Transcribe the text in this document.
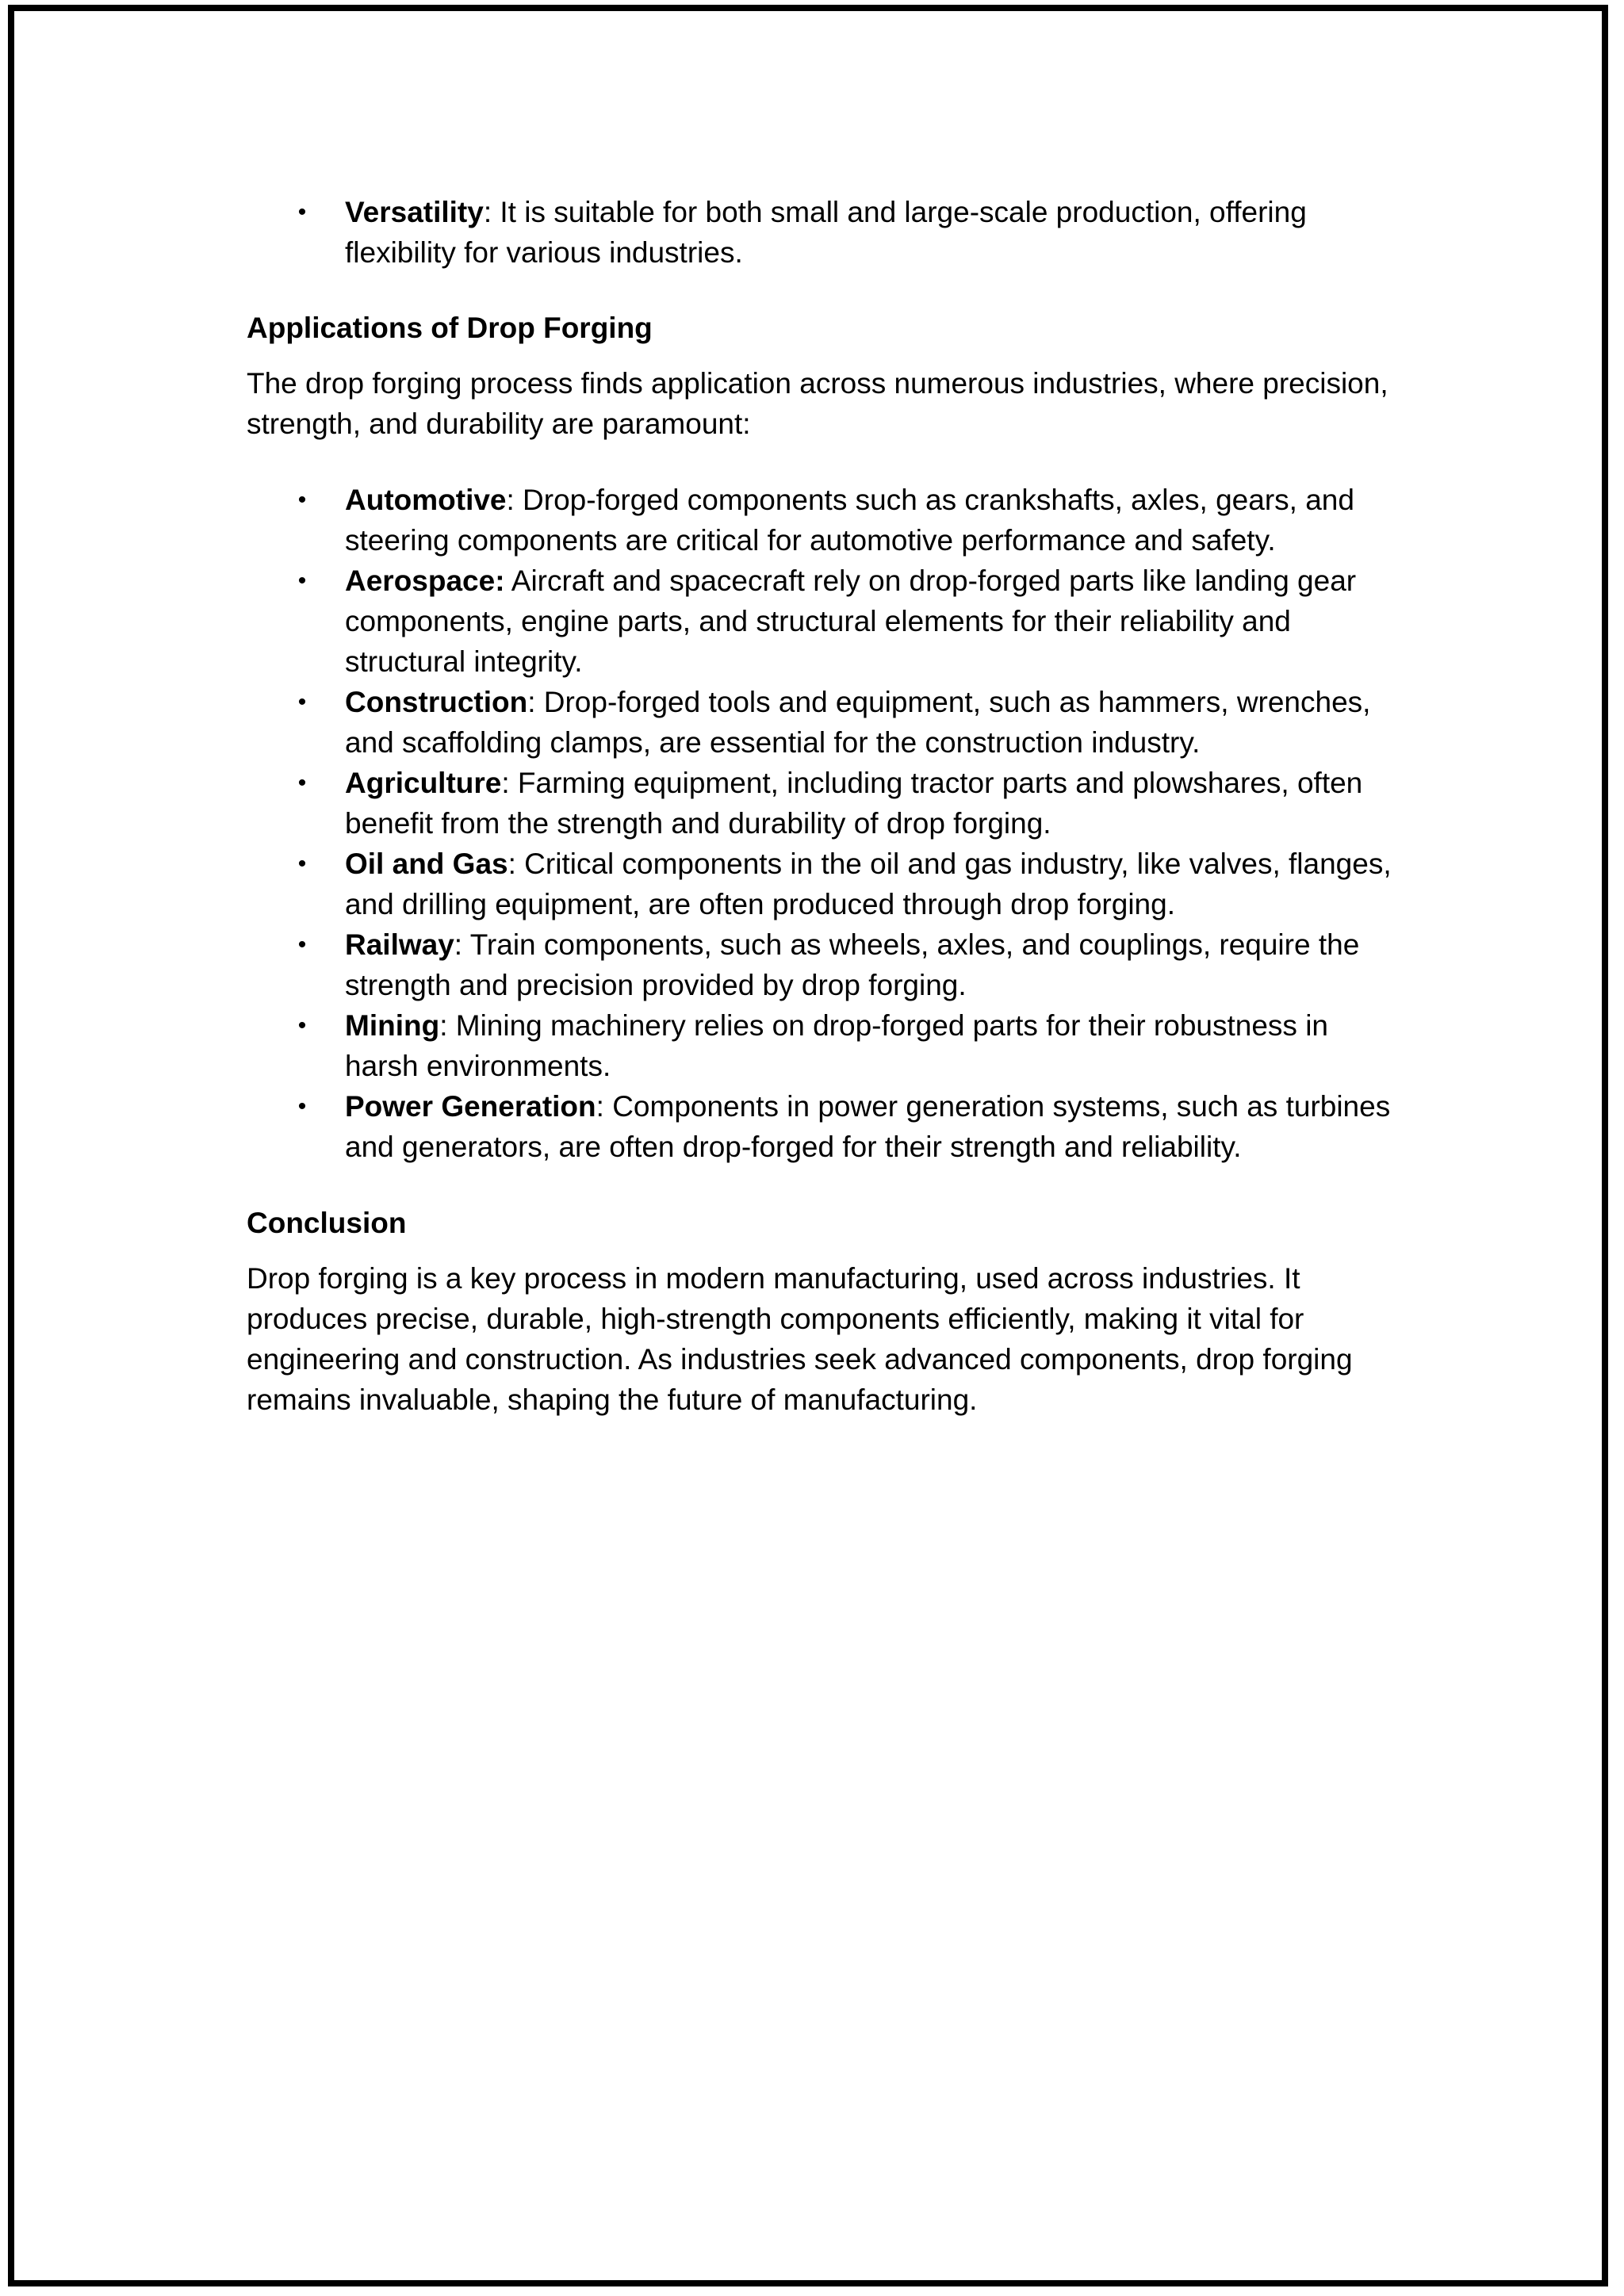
• Versatility: It is suitable for both small and large-scale production, offering flexibility for various industries.

Applications of Drop Forging

The drop forging process finds application across numerous industries, where precision, strength, and durability are paramount:

• Automotive: Drop-forged components such as crankshafts, axles, gears, and steering components are critical for automotive performance and safety.
• Aerospace: Aircraft and spacecraft rely on drop-forged parts like landing gear components, engine parts, and structural elements for their reliability and structural integrity.
• Construction: Drop-forged tools and equipment, such as hammers, wrenches, and scaffolding clamps, are essential for the construction industry.
• Agriculture: Farming equipment, including tractor parts and plowshares, often benefit from the strength and durability of drop forging.
• Oil and Gas: Critical components in the oil and gas industry, like valves, flanges, and drilling equipment, are often produced through drop forging.
• Railway: Train components, such as wheels, axles, and couplings, require the strength and precision provided by drop forging.
• Mining: Mining machinery relies on drop-forged parts for their robustness in harsh environments.
• Power Generation: Components in power generation systems, such as turbines and generators, are often drop-forged for their strength and reliability.

Conclusion

Drop forging is a key process in modern manufacturing, used across industries. It produces precise, durable, high-strength components efficiently, making it vital for engineering and construction. As industries seek advanced components, drop forging remains invaluable, shaping the future of manufacturing.
